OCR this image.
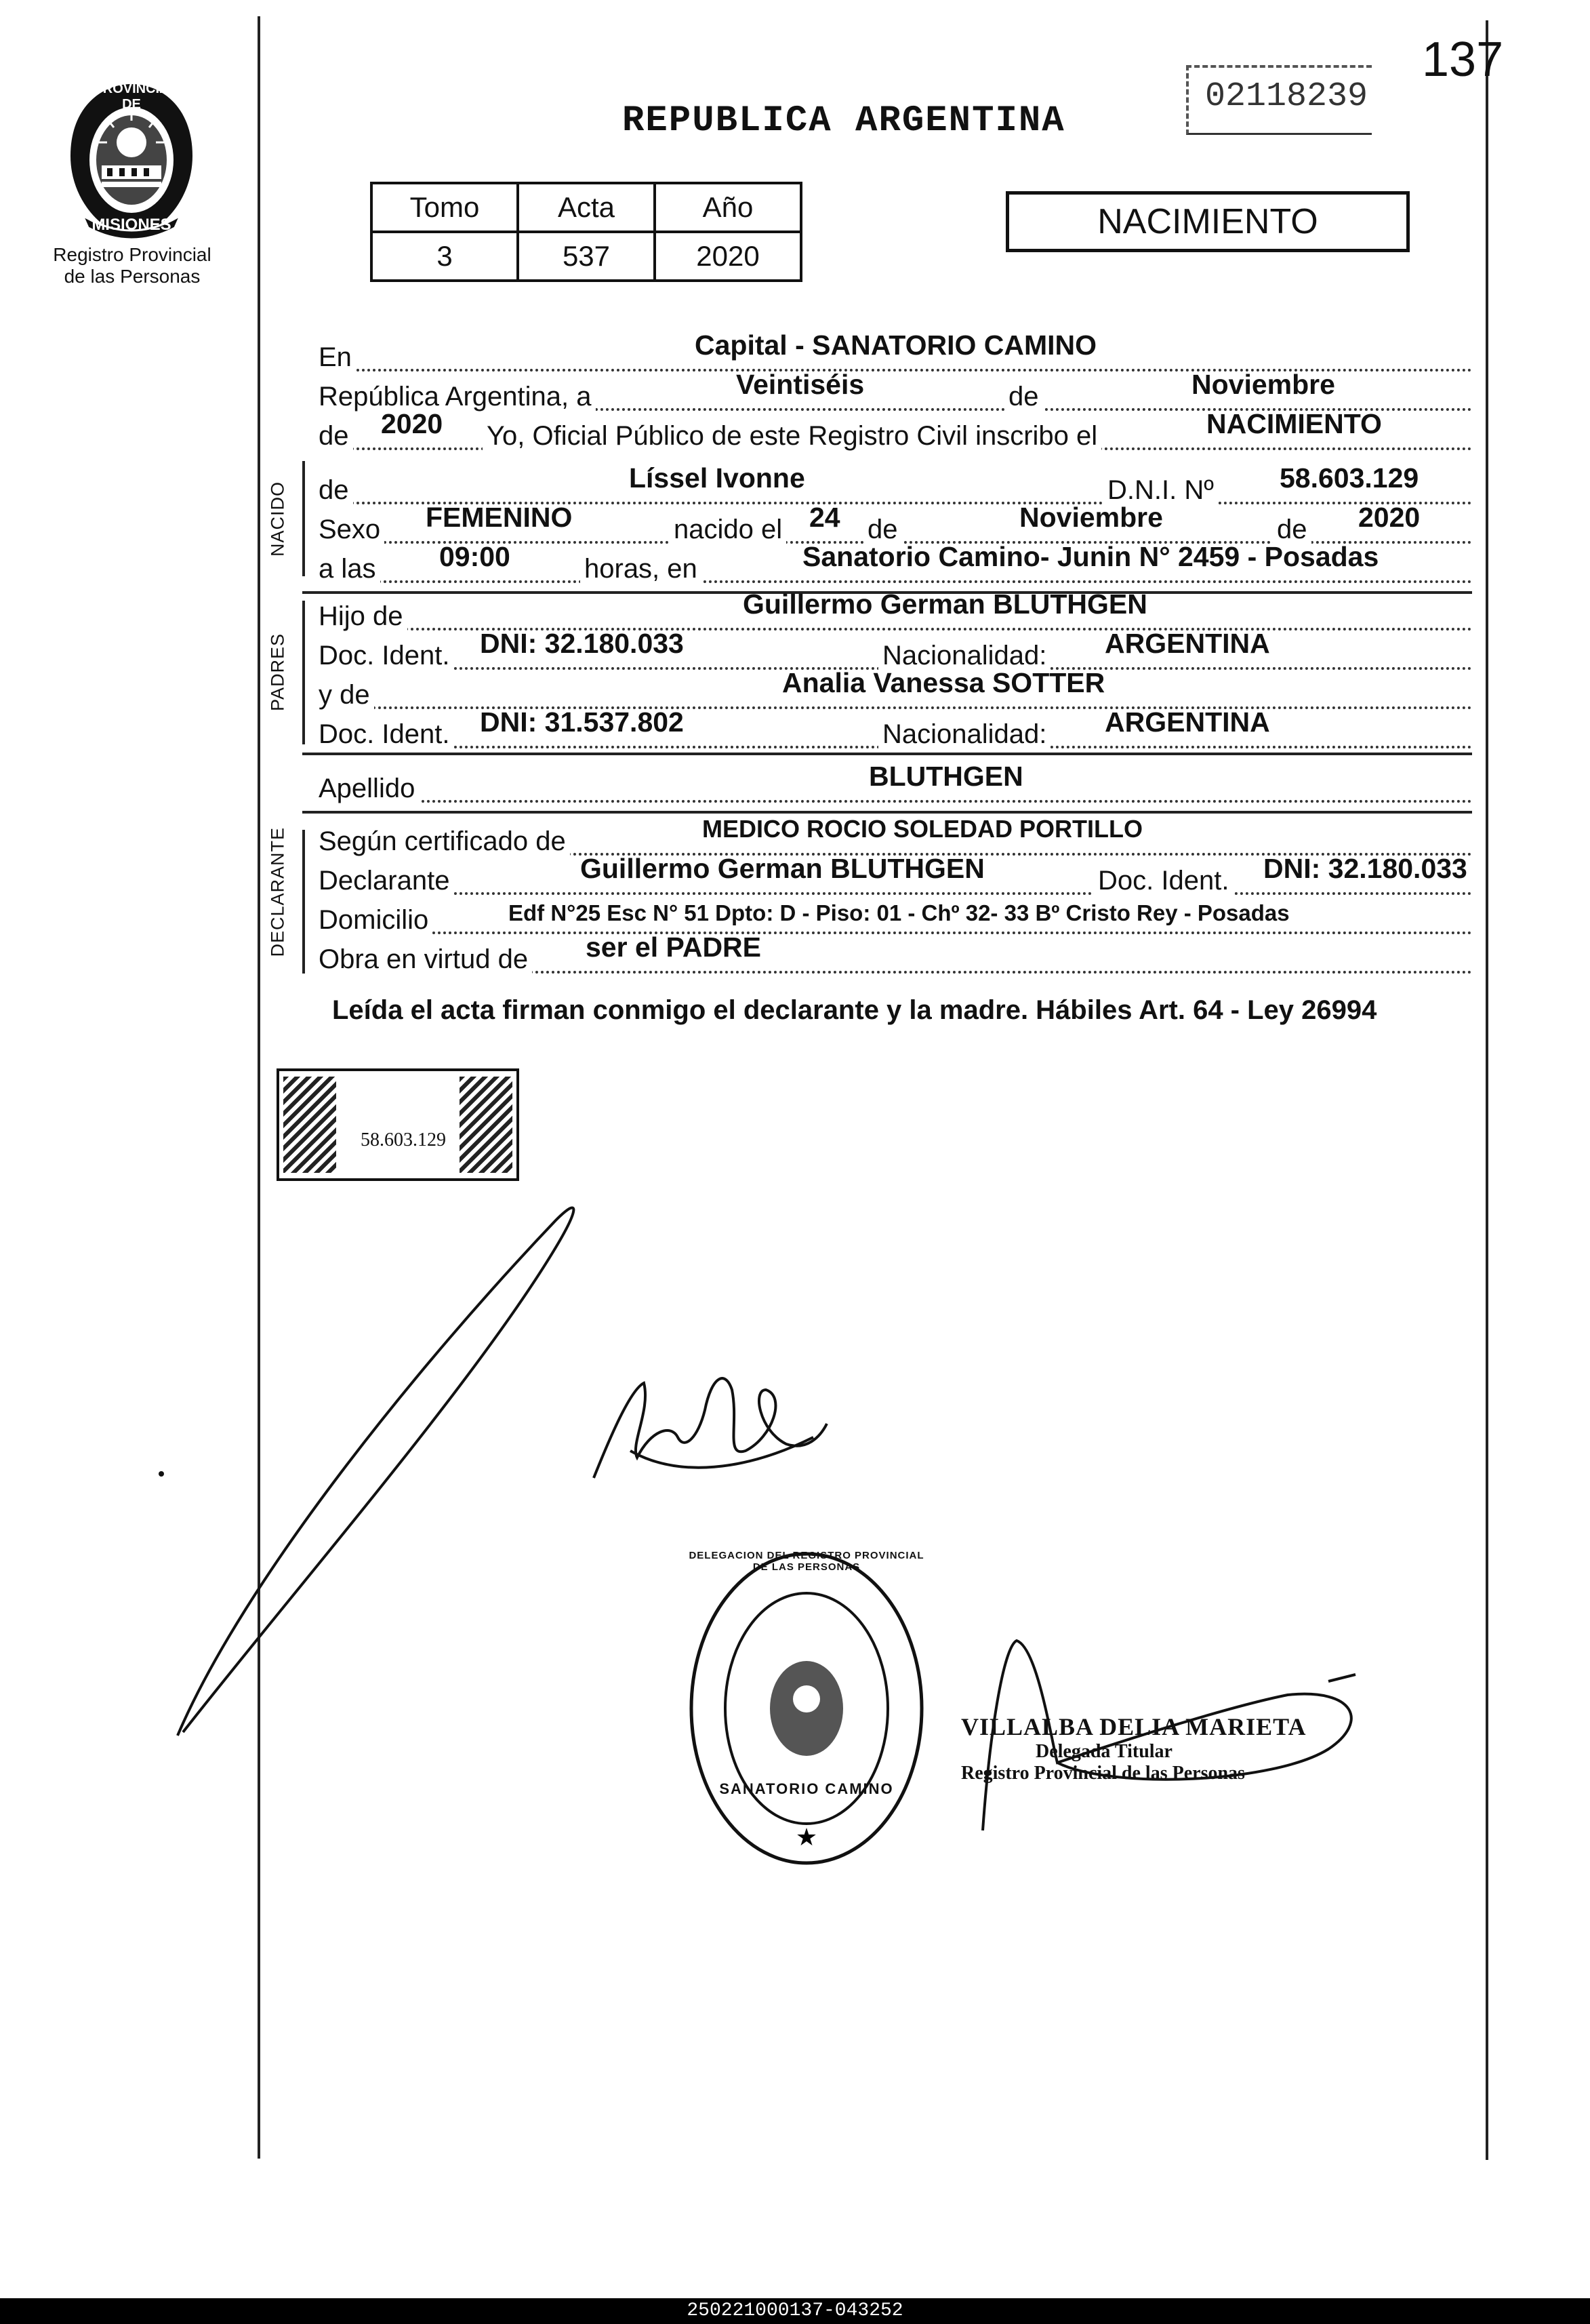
PROVINCIA DE
MISIONES
Registro Provincial
de las Personas
137
02118239
REPUBLICA ARGENTINA
Tomo	Acta	Año
3	537	2020
NACIMIENTO
En	Capital - SANATORIO CAMINO
República Argentina, a	Veintiséis	de	Noviembre
de 2020 Yo, Oficial Público de este Registro Civil inscribo el	NACIMIENTO
NACIDO de	Líssel Ivonne	D.N.I. Nº 58.603.129
Sexo FEMENINO	nacido el 24 de	Noviembre	de 2020
a las 09:00	horas, en	Sanatorio Camino- Junin N° 2459 - Posadas
PADRES
Hijo de	Guillermo German BLUTHGEN
Doc. Ident. DNI: 32.180.033	Nacionalidad: ARGENTINA
y de	Analia Vanessa SOTTER
Doc. Ident. DNI: 31.537.802	Nacionalidad: ARGENTINA
Apellido	BLUTHGEN
DECLARANTE Según certificado de	MEDICO ROCIO SOLEDAD PORTILLO
Declarante	Guillermo German BLUTHGEN	Doc. Ident. DNI: 32.180.033
Domicilio	Edf N°25 Esc N° 51 Dpto: D - Piso: 01 - Chº 32- 33 Bº Cristo Rey - Posadas
Obra en virtud de ser el PADRE
Leída el acta firman conmigo el declarante y la madre. Hábiles Art. 64 - Ley 26994
58.603.129
★
DELEGACION DEL REGISTRO PROVINCIAL DE LAS PERSONAS
SANATORIO CAMINO
VILLALBA DELIA MARIETA
Delegada Titular
Registro Provincial de las Personas
250221000137-043252
